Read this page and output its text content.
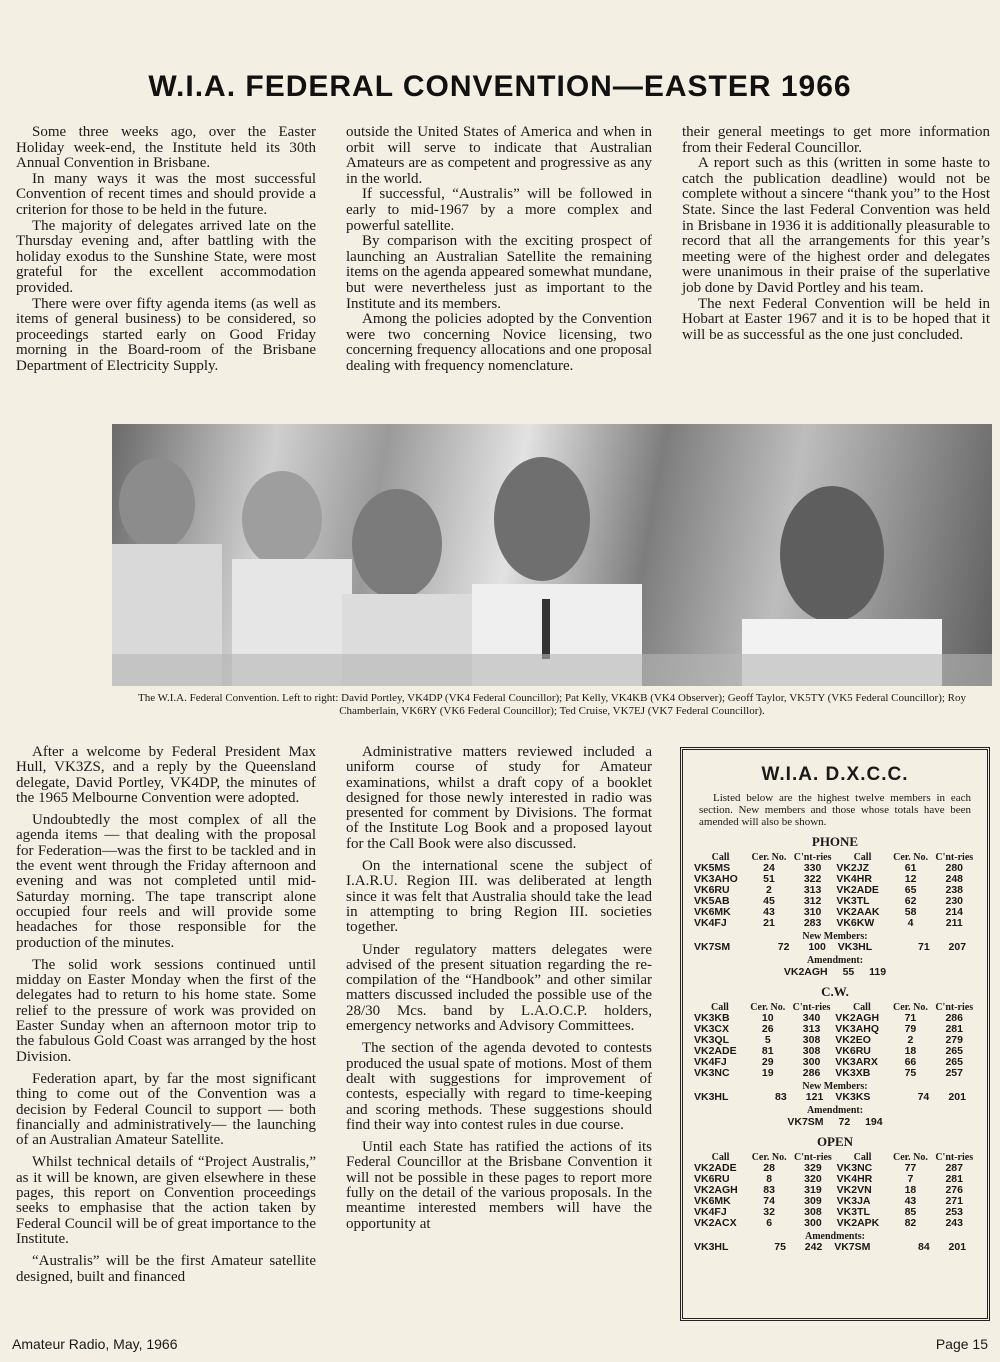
W.I.A. FEDERAL CONVENTION—EASTER 1966

Some three weeks ago, over the Easter Holiday week-end, the Institute held its 30th Annual Convention in Brisbane.

In many ways it was the most successful Convention of recent times and should provide a criterion for those to be held in the future.

The majority of delegates arrived late on the Thursday evening and, after battling with the holiday exodus to the Sunshine State, were most grateful for the excellent accommodation provided.

There were over fifty agenda items (as well as items of general business) to be considered, so proceedings started early on Good Friday morning in the Board-room of the Brisbane Department of Electricity Supply.

outside the United States of America and when in orbit will serve to indicate that Australian Amateurs are as competent and progressive as any in the world.

If successful, “Australis” will be followed in early to mid-1967 by a more complex and powerful satellite.

By comparison with the exciting prospect of launching an Australian Satellite the remaining items on the agenda appeared somewhat mundane, but were nevertheless just as important to the Institute and its members.

Among the policies adopted by the Convention were two concerning Novice licensing, two concerning frequency allocations and one proposal dealing with frequency nomenclature.

their general meetings to get more information from their Federal Councillor.

A report such as this (written in some haste to catch the publication deadline) would not be complete without a sincere “thank you” to the Host State. Since the last Federal Convention was held in Brisbane in 1936 it is additionally pleasurable to record that all the arrangements for this year’s meeting were of the highest order and delegates were unanimous in their praise of the superlative job done by David Portley and his team.

The next Federal Convention will be held in Hobart at Easter 1967 and it is to be hoped that it will be as successful as the one just concluded.

The W.I.A. Federal Convention. Left to right: David Portley, VK4DP (VK4 Federal Councillor); Pat Kelly, VK4KB (VK4 Observer); Geoff Taylor, VK5TY (VK5 Federal Councillor); Roy Chamberlain, VK6RY (VK6 Federal Councillor); Ted Cruise, VK7EJ (VK7 Federal Councillor).

After a welcome by Federal President Max Hull, VK3ZS, and a reply by the Queensland delegate, David Portley, VK4DP, the minutes of the 1965 Melbourne Convention were adopted.

Undoubtedly the most complex of all the agenda items — that dealing with the proposal for Federation—was the first to be tackled and in the event went through the Friday afternoon and evening and was not completed until mid-Saturday morning. The tape transcript alone occupied four reels and will provide some headaches for those responsible for the production of the minutes.

The solid work sessions continued until midday on Easter Monday when the first of the delegates had to return to his home state. Some relief to the pressure of work was provided on Easter Sunday when an afternoon motor trip to the fabulous Gold Coast was arranged by the host Division.

Federation apart, by far the most significant thing to come out of the Convention was a decision by Federal Council to support — both financially and administratively— the launching of an Australian Amateur Satellite.

Whilst technical details of “Project Australis,” as it will be known, are given elsewhere in these pages, this report on Convention proceedings seeks to emphasise that the action taken by Federal Council will be of great importance to the Institute.

“Australis” will be the first Amateur satellite designed, built and financed

Administrative matters reviewed included a uniform course of study for Amateur examinations, whilst a draft copy of a booklet designed for those newly interested in radio was presented for comment by Divisions. The format of the Institute Log Book and a proposed layout for the Call Book were also discussed.

On the international scene the subject of I.A.R.U. Region III. was deliberated at length since it was felt that Australia should take the lead in attempting to bring Region III. societies together.

Under regulatory matters delegates were advised of the present situation regarding the re-compilation of the “Handbook” and other similar matters discussed included the possible use of the 28/30 Mcs. band by L.A.O.C.P. holders, emergency networks and Advisory Committees.

The section of the agenda devoted to contests produced the usual spate of motions. Most of them dealt with suggestions for improvement of contests, especially with regard to time-keeping and scoring methods. These suggestions should find their way into contest rules in due course.

Until each State has ratified the actions of its Federal Councillor at the Brisbane Convention it will not be possible in these pages to report more fully on the detail of the various proposals. In the meantime interested members will have the opportunity at

W.I.A. D.X.C.C.

Listed below are the highest twelve members in each section. New members and those whose totals have been amended will also be shown.

PHONE
Call	Cer. No.	C'nt-ries	Call	Cer. No.	C'nt-ries
VK5MS	24	330	VK2JZ	61	280
VK3AHO	51	322	VK4HR	12	248
VK6RU	2	313	VK2ADE	65	238
VK5AB	45	312	VK3TL	62	230
VK6MK	43	310	VK2AAK	58	214
VK4FJ	21	283	VK6KW	4	211
New Members:
VK7SM	72	100	VK3HL	71	207
Amendment:
VK2AGH 55 119
C.W.
Call	Cer. No.	C'nt-ries	Call	Cer. No.	C'nt-ries
VK3KB	10	340	VK2AGH	71	286
VK3CX	26	313	VK3AHQ	79	281
VK3QL	5	308	VK2EO	2	279
VK2ADE	81	308	VK6RU	18	265
VK4FJ	29	300	VK3ARX	66	265
VK3NC	19	286	VK3XB	75	257
New Members:
VK3HL	83	121	VK3KS	74	201
Amendment:
VK7SM 72 194
OPEN
Call	Cer. No.	C'nt-ries	Call	Cer. No.	C'nt-ries
VK2ADE	28	329	VK3NC	77	287
VK6RU	8	320	VK4HR	7	281
VK2AGH	83	319	VK2VN	18	276
VK6MK	74	309	VK3JA	43	271
VK4FJ	32	308	VK3TL	85	253
VK2ACX	6	300	VK2APK	82	243
Amendments:
VK3HL	75	242	VK7SM	84	201
Amateur Radio, May, 1966	Page 15
